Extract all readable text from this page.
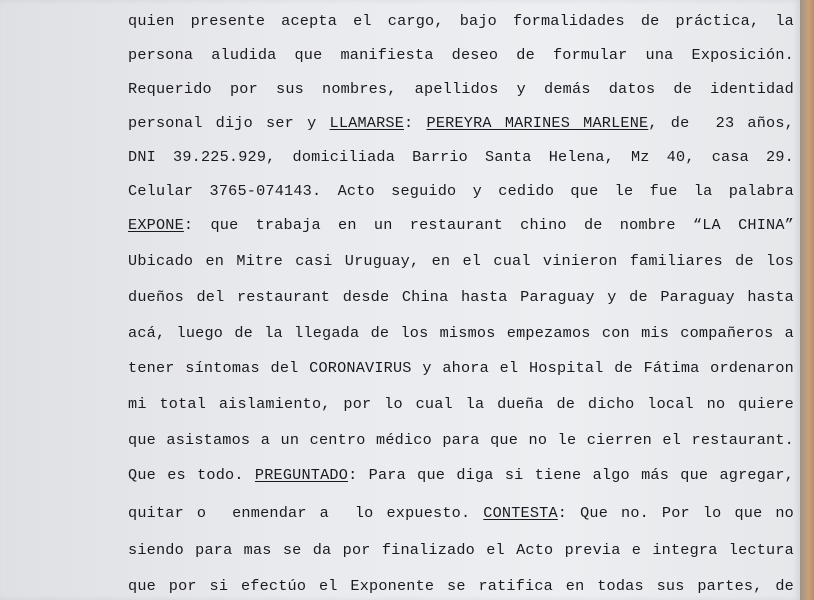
quien presente acepta el cargo, bajo formalidades de práctica, la
persona aludida que manifiesta deseo de formular una Exposición.
Requerido por sus nombres, apellidos y demás datos de identidad
personal dijo ser y LLAMARSE: PEREYRA MARINES MARLENE, de  23 años,
DNI 39.225.929, domiciliada Barrio Santa Helena, Mz 40, casa 29.
Celular 3765-074143. Acto seguido y cedido que le fue la palabra
EXPONE: que trabaja en un restaurant chino de nombre “LA CHINA”
Ubicado en Mitre casi Uruguay, en el cual vinieron familiares de los
dueños del restaurant desde China hasta Paraguay y de Paraguay hasta
acá, luego de la llegada de los mismos empezamos con mis compañeros a
tener síntomas del CORONAVIRUS y ahora el Hospital de Fátima ordenaron
mi total aislamiento, por lo cual la dueña de dicho local no quiere
que asistamos a un centro médico para que no le cierren el restaurant.
Que es todo. PREGUNTADO: Para que diga si tiene algo más que agregar,
quitar o  enmendar a  lo expuesto. CONTESTA: Que no. Por lo que no
siendo para mas se da por finalizado el Acto previa e integra lectura
que por si efectúo el Exponente se ratifica en todas sus partes, de
